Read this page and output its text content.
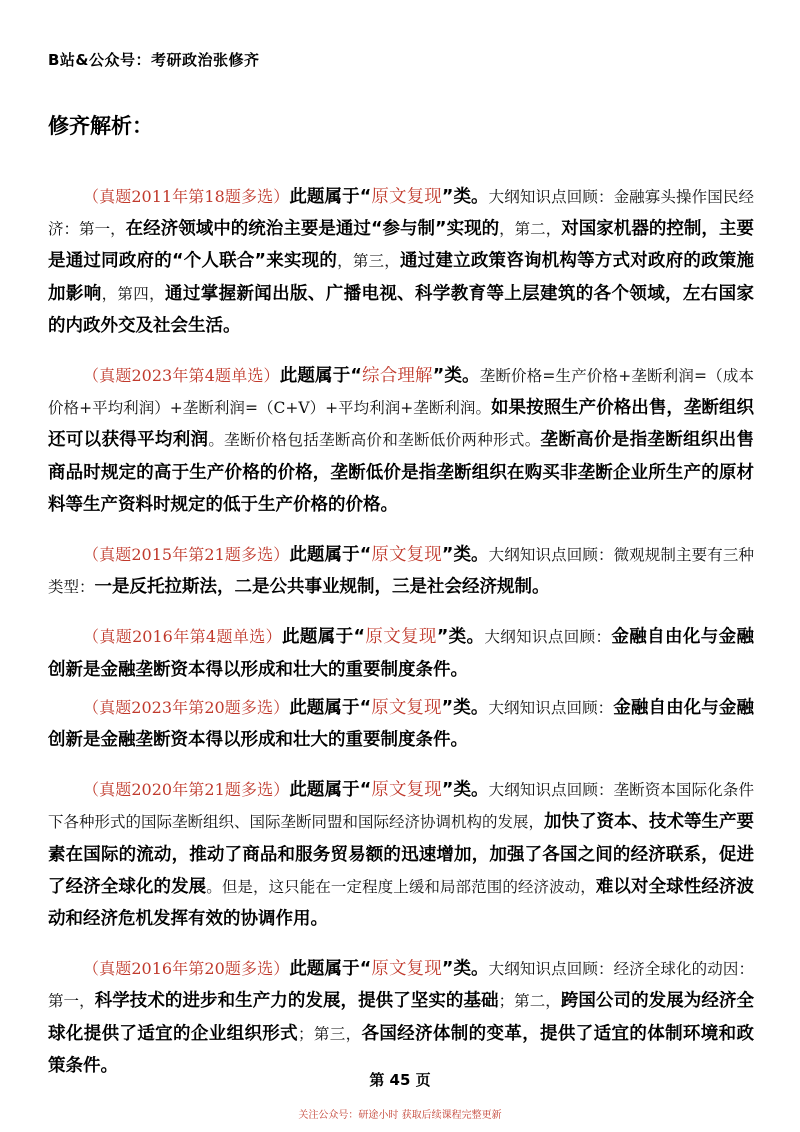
B站&公众号：考研政治张修齐
修齐解析：

（真题2011年第18题多选）此题属于“原文复现”类。大纲知识点回顾：金融寡头操作国民经济：第一，在经济领域中的统治主要是通过“参与制”实现的，第二，对国家机器的控制，主要是通过同政府的“个人联合”来实现的，第三，通过建立政策咨询机构等方式对政府的政策施加影响，第四，通过掌握新闻出版、广播电视、科学教育等上层建筑的各个领域，左右国家的内政外交及社会生活。

（真题2023年第4题单选）此题属于“综合理解”类。垄断价格=生产价格+垄断利润=（成本价格+平均利润）+垄断利润=（C+V）+平均利润+垄断利润。如果按照生产价格出售，垄断组织还可以获得平均利润。垄断价格包括垄断高价和垄断低价两种形式。垄断高价是指垄断组织出售商品时规定的高于生产价格的价格，垄断低价是指垄断组织在购买非垄断企业所生产的原材料等生产资料时规定的低于生产价格的价格。

（真题2015年第21题多选）此题属于“原文复现”类。大纲知识点回顾：微观规制主要有三种类型：一是反托拉斯法，二是公共事业规制，三是社会经济规制。

（真题2016年第4题单选）此题属于“原文复现”类。大纲知识点回顾：金融自由化与金融创新是金融垄断资本得以形成和壮大的重要制度条件。

（真题2023年第20题多选）此题属于“原文复现”类。大纲知识点回顾：金融自由化与金融创新是金融垄断资本得以形成和壮大的重要制度条件。

（真题2020年第21题多选）此题属于“原文复现”类。大纲知识点回顾：垄断资本国际化条件下各种形式的国际垄断组织、国际垄断同盟和国际经济协调机构的发展，加快了资本、技术等生产要素在国际的流动，推动了商品和服务贸易额的迅速增加，加强了各国之间的经济联系，促进了经济全球化的发展。但是，这只能在一定程度上缓和局部范围的经济波动，难以对全球性经济波动和经济危机发挥有效的协调作用。

（真题2016年第20题多选）此题属于“原文复现”类。大纲知识点回顾：经济全球化的动因：第一，科学技术的进步和生产力的发展，提供了坚实的基础；第二，跨国公司的发展为经济全球化提供了适宜的企业组织形式；第三，各国经济体制的变革，提供了适宜的体制环境和政策条件。

第 45 页
关注公众号：研途小时 获取后续课程完整更新
